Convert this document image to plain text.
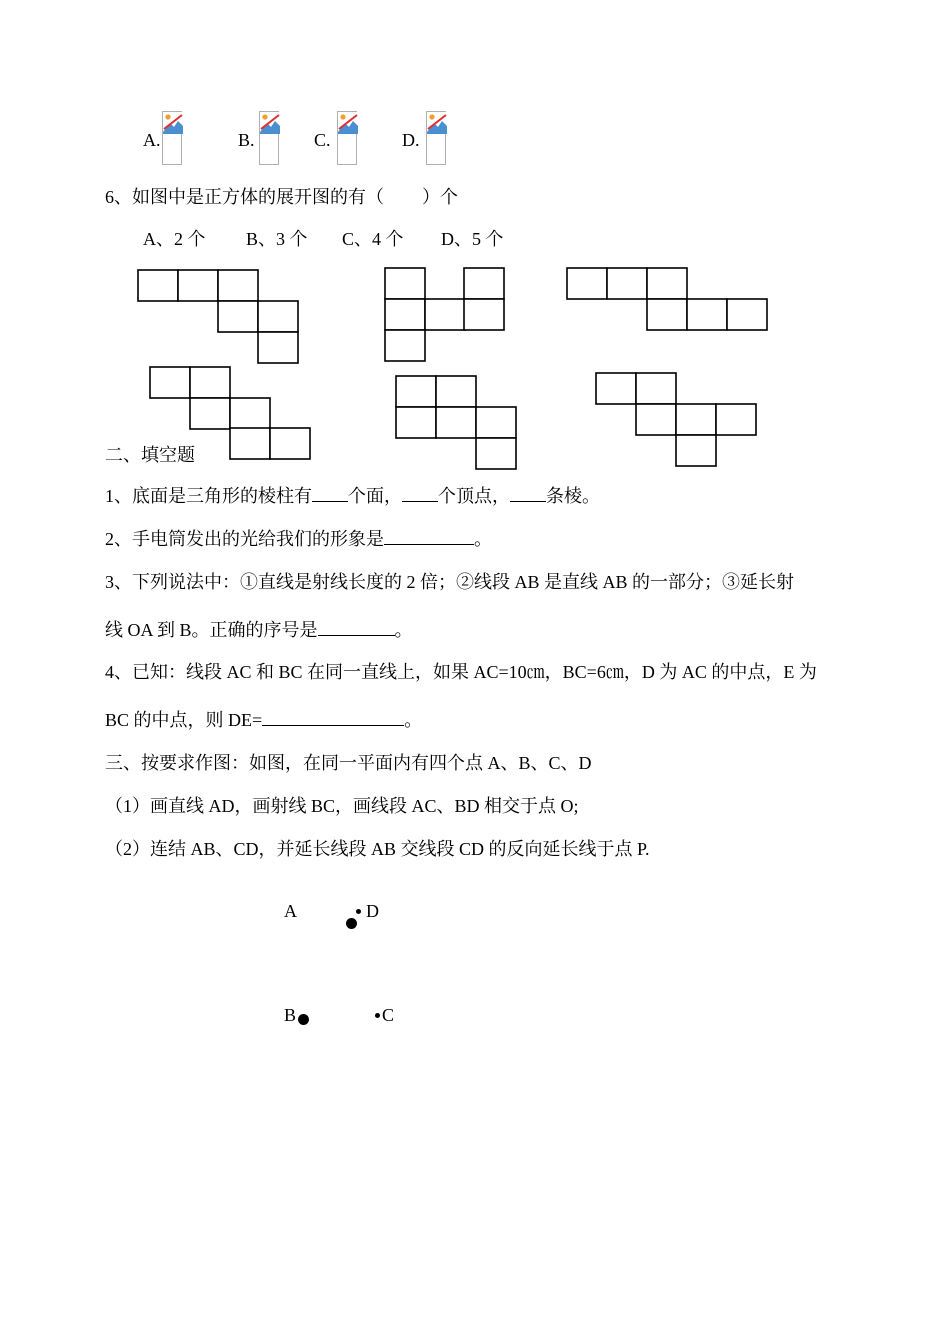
A.	B.	C.	D.
6、如图中是正方体的展开图的有（ ）个
A、2 个 B、3 个 C、4 个 D、5 个
二、填空题
1、底面是三角形的棱柱有 个面， 个顶点， 条棱。
2、手电筒发出的光给我们的形象是	。
3、下列说法中：①直线是射线长度的 2 倍；②线段 AB 是直线 AB 的一部分；③延长射
线 OA 到 B。正确的序号是	。
4、已知：线段 AC 和 BC 在同一直线上，如果 AC=10㎝，BC=6㎝，D 为 AC 的中点，E 为
BC 的中点，则 DE=	。
三、按要求作图：如图，在同一平面内有四个点 A、B、C、D
（1）画直线 AD，画射线 BC，画线段 AC、BD 相交于点 O;
（2）连结 AB、CD，并延长线段 AB 交线段 CD 的反向延长线于点 P.
A	D
B	C
